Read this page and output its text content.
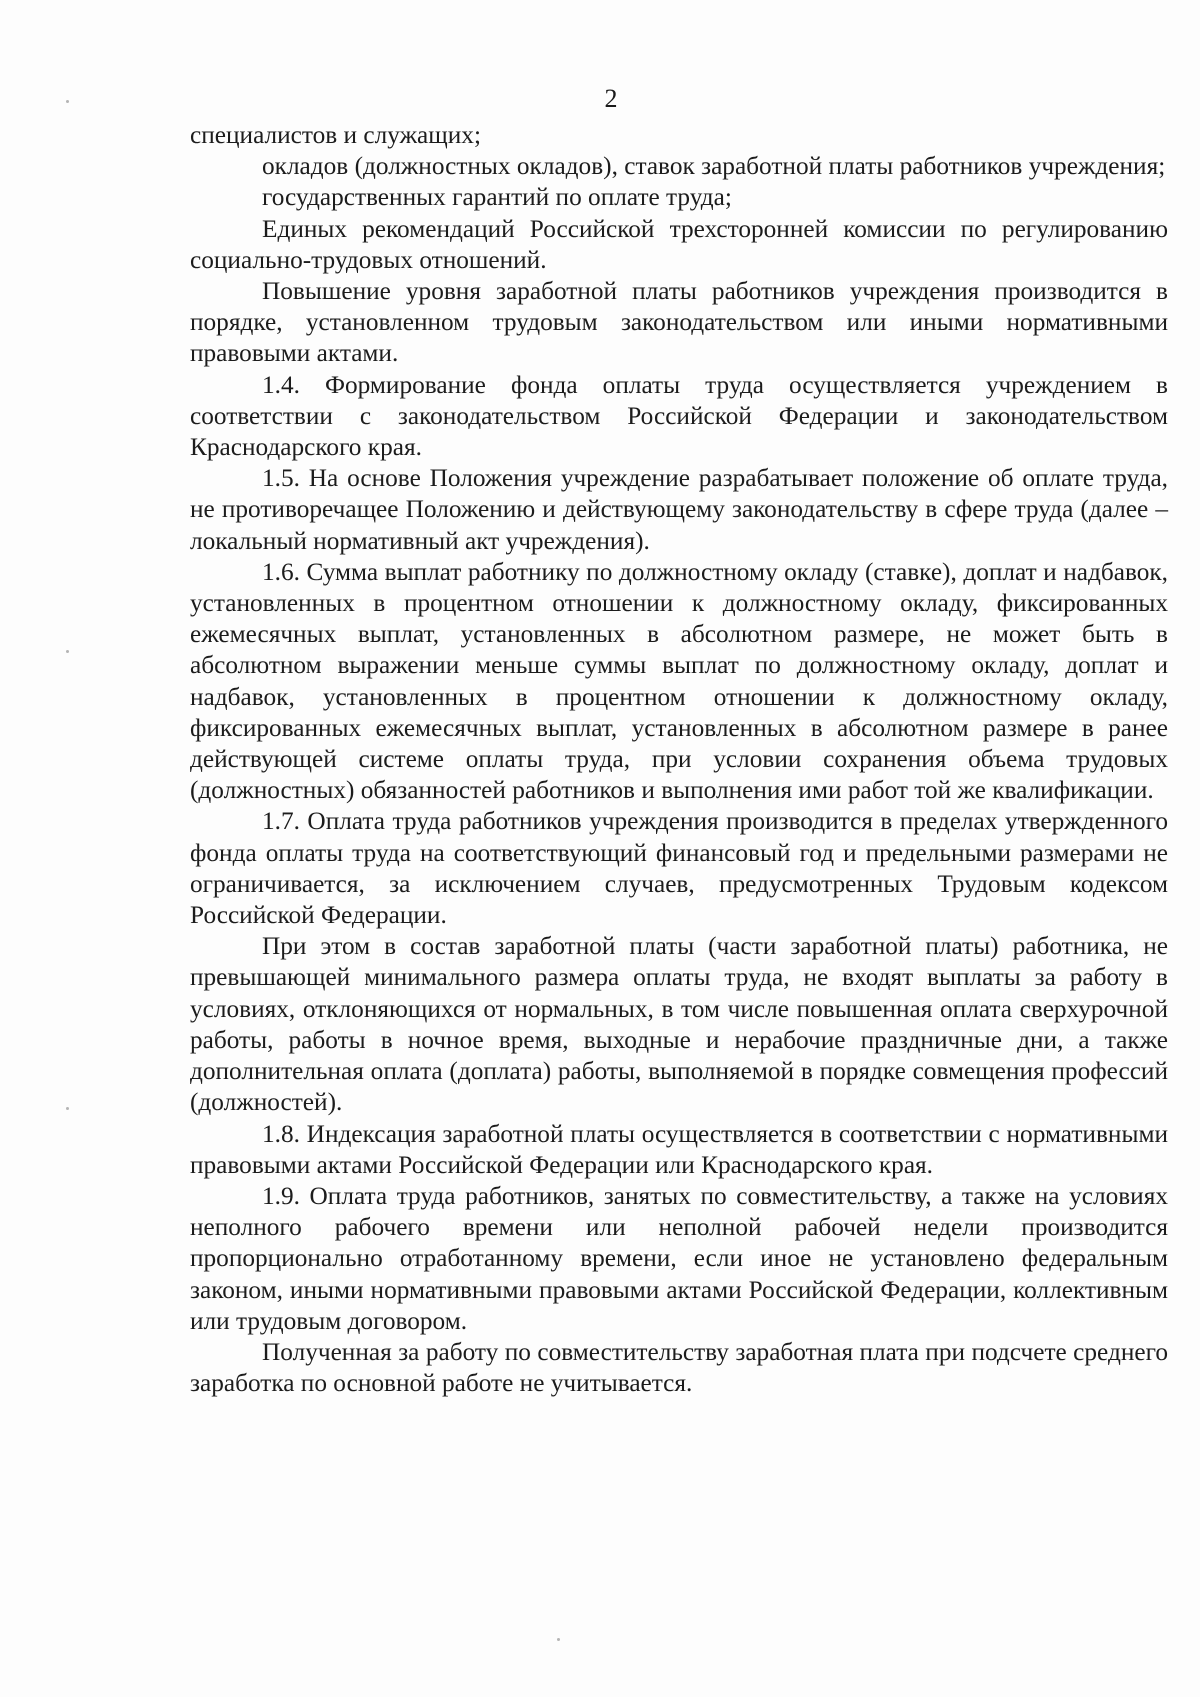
2

специалистов и служащих;

окладов (должностных окладов), ставок заработной платы работников учреждения;

государственных гарантий по оплате труда;

Единых рекомендаций Российской трехсторонней комиссии по регулированию социально-трудовых отношений.

Повышение уровня заработной платы работников учреждения производится в порядке, установленном трудовым законодательством или иными нормативными правовыми актами.

1.4. Формирование фонда оплаты труда осуществляется учреждением в соответствии с законодательством Российской Федерации и законодательством Краснодарского края.

1.5. На основе Положения учреждение разрабатывает положение об оплате труда, не противоречащее Положению и действующему законодательству в сфере труда (далее – локальный нормативный акт учреждения).

1.6. Сумма выплат работнику по должностному окладу (ставке), доплат и надбавок, установленных в процентном отношении к должностному окладу, фиксированных ежемесячных выплат, установленных в абсолютном размере, не может быть в абсолютном выражении меньше суммы выплат по должностному окладу, доплат и надбавок, установленных в процентном отношении к должностному окладу, фиксированных ежемесячных выплат, установленных в абсолютном размере в ранее действующей системе оплаты труда, при условии сохранения объема трудовых (должностных) обязанностей работников и выполнения ими работ той же квалификации.

1.7. Оплата труда работников учреждения производится в пределах утвержденного фонда оплаты труда на соответствующий финансовый год и предельными размерами не ограничивается, за исключением случаев, предусмотренных Трудовым кодексом Российской Федерации.

При этом в состав заработной платы (части заработной платы) работника, не превышающей минимального размера оплаты труда, не входят выплаты за работу в условиях, отклоняющихся от нормальных, в том числе повышенная оплата сверхурочной работы, работы в ночное время, выходные и нерабочие праздничные дни, а также дополнительная оплата (доплата) работы, выполняемой в порядке совмещения профессий (должностей).

1.8. Индексация заработной платы осуществляется в соответствии с нормативными правовыми актами Российской Федерации или Краснодарского края.

1.9. Оплата труда работников, занятых по совместительству, а также на условиях неполного рабочего времени или неполной рабочей недели производится пропорционально отработанному времени, если иное не установлено федеральным законом, иными нормативными правовыми актами Российской Федерации, коллективным или трудовым договором.

Полученная за работу по совместительству заработная плата при подсчете среднего заработка по основной работе не учитывается.
